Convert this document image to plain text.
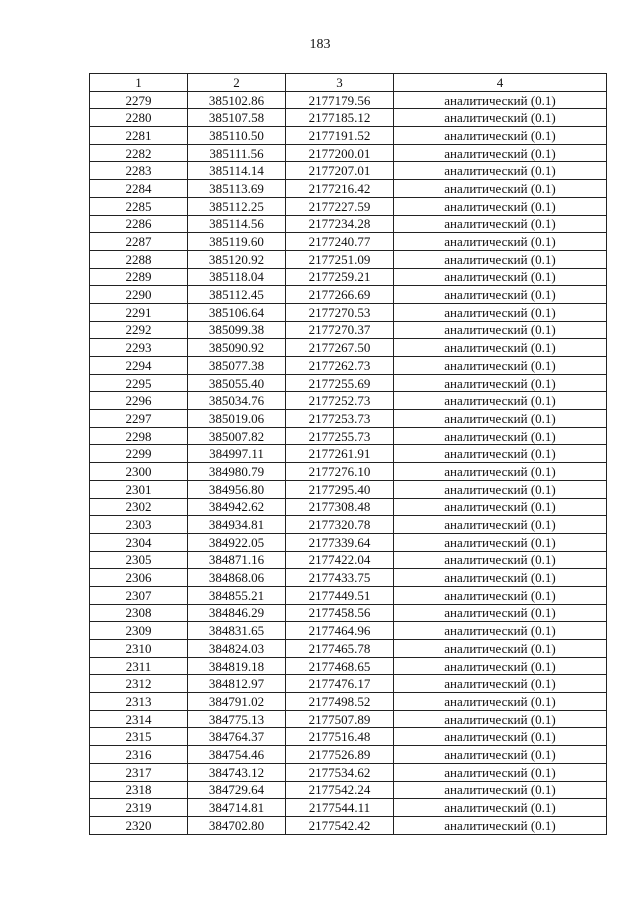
183
1	2	3	4
2279	385102.86	2177179.56	аналитический (0.1)
2280	385107.58	2177185.12	аналитический (0.1)
2281	385110.50	2177191.52	аналитический (0.1)
2282	385111.56	2177200.01	аналитический (0.1)
2283	385114.14	2177207.01	аналитический (0.1)
2284	385113.69	2177216.42	аналитический (0.1)
2285	385112.25	2177227.59	аналитический (0.1)
2286	385114.56	2177234.28	аналитический (0.1)
2287	385119.60	2177240.77	аналитический (0.1)
2288	385120.92	2177251.09	аналитический (0.1)
2289	385118.04	2177259.21	аналитический (0.1)
2290	385112.45	2177266.69	аналитический (0.1)
2291	385106.64	2177270.53	аналитический (0.1)
2292	385099.38	2177270.37	аналитический (0.1)
2293	385090.92	2177267.50	аналитический (0.1)
2294	385077.38	2177262.73	аналитический (0.1)
2295	385055.40	2177255.69	аналитический (0.1)
2296	385034.76	2177252.73	аналитический (0.1)
2297	385019.06	2177253.73	аналитический (0.1)
2298	385007.82	2177255.73	аналитический (0.1)
2299	384997.11	2177261.91	аналитический (0.1)
2300	384980.79	2177276.10	аналитический (0.1)
2301	384956.80	2177295.40	аналитический (0.1)
2302	384942.62	2177308.48	аналитический (0.1)
2303	384934.81	2177320.78	аналитический (0.1)
2304	384922.05	2177339.64	аналитический (0.1)
2305	384871.16	2177422.04	аналитический (0.1)
2306	384868.06	2177433.75	аналитический (0.1)
2307	384855.21	2177449.51	аналитический (0.1)
2308	384846.29	2177458.56	аналитический (0.1)
2309	384831.65	2177464.96	аналитический (0.1)
2310	384824.03	2177465.78	аналитический (0.1)
2311	384819.18	2177468.65	аналитический (0.1)
2312	384812.97	2177476.17	аналитический (0.1)
2313	384791.02	2177498.52	аналитический (0.1)
2314	384775.13	2177507.89	аналитический (0.1)
2315	384764.37	2177516.48	аналитический (0.1)
2316	384754.46	2177526.89	аналитический (0.1)
2317	384743.12	2177534.62	аналитический (0.1)
2318	384729.64	2177542.24	аналитический (0.1)
2319	384714.81	2177544.11	аналитический (0.1)
2320	384702.80	2177542.42	аналитический (0.1)
